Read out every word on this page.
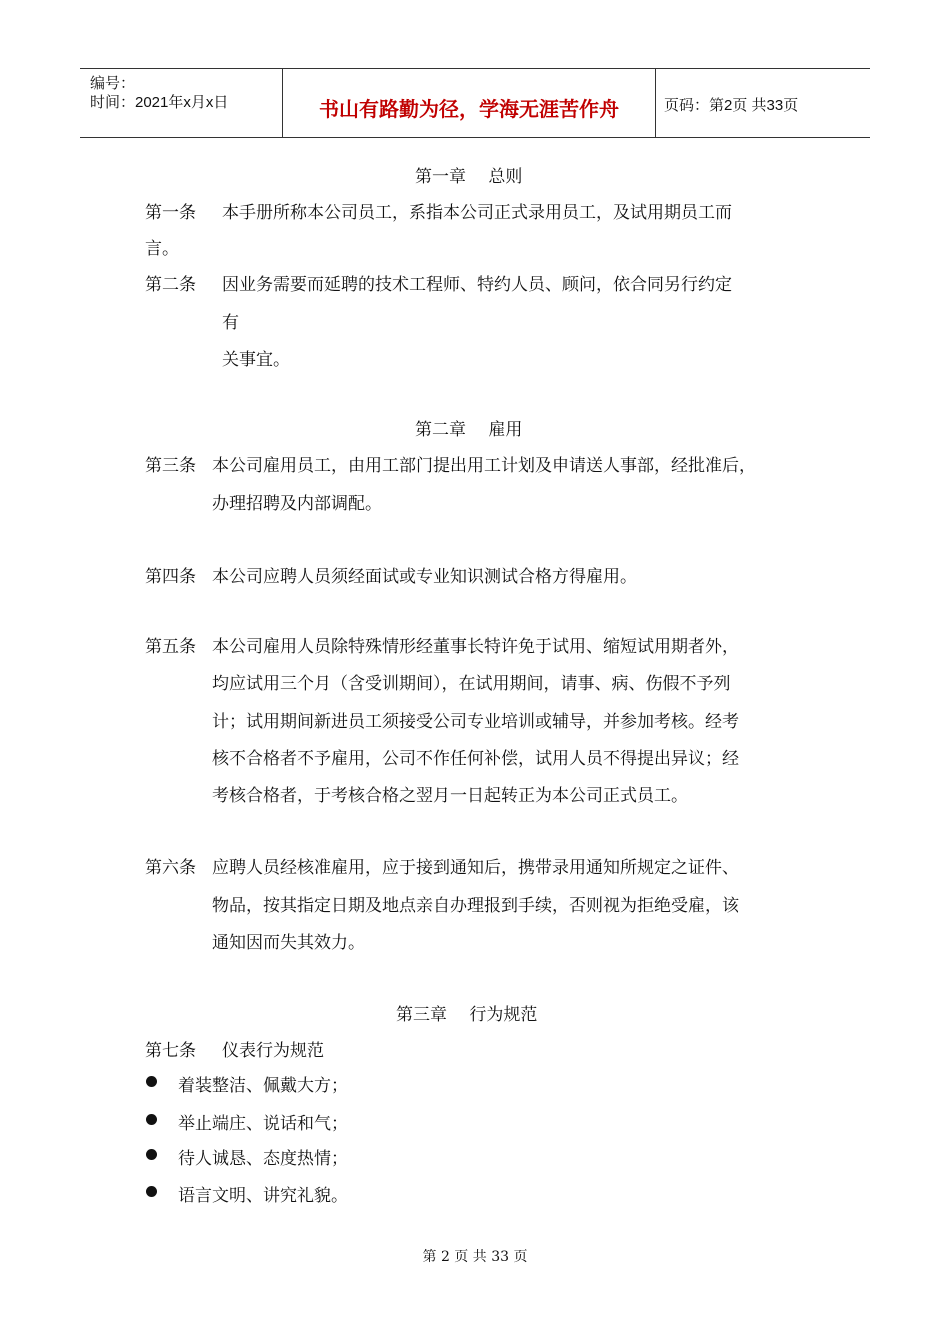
编号：
时间：2021年x月x日	书山有路勤为径，学海无涯苦作舟	页码：第2页 共33页
第一章　 总则
第一条 本手册所称本公司员工，系指本公司正式录用员工，及试用期员工而
言。
第二条 因业务需要而延聘的技术工程师、特约人员、顾问，依合同另行约定
有
关事宜。
第二章　 雇用
第三条 本公司雇用员工，由用工部门提出用工计划及申请送人事部，经批准后，
办理招聘及内部调配。
第四条 本公司应聘人员须经面试或专业知识测试合格方得雇用。
第五条 本公司雇用人员除特殊情形经董事长特许免于试用、缩短试用期者外，
均应试用三个月（含受训期间），在试用期间，请事、病、伤假不予列
计；试用期间新进员工须接受公司专业培训或辅导，并参加考核。经考
核不合格者不予雇用，公司不作任何补偿，试用人员不得提出异议；经
考核合格者，于考核合格之翌月一日起转正为本公司正式员工。
第六条 应聘人员经核准雇用，应于接到通知后，携带录用通知所规定之证件、
物品，按其指定日期及地点亲自办理报到手续，否则视为拒绝受雇，该
通知因而失其效力。
第三章　 行为规范
第七条 仪表行为规范
着装整洁、佩戴大方；
举止端庄、说话和气；
待人诚恳、态度热情；
语言文明、讲究礼貌。
第 2 页 共 33 页
